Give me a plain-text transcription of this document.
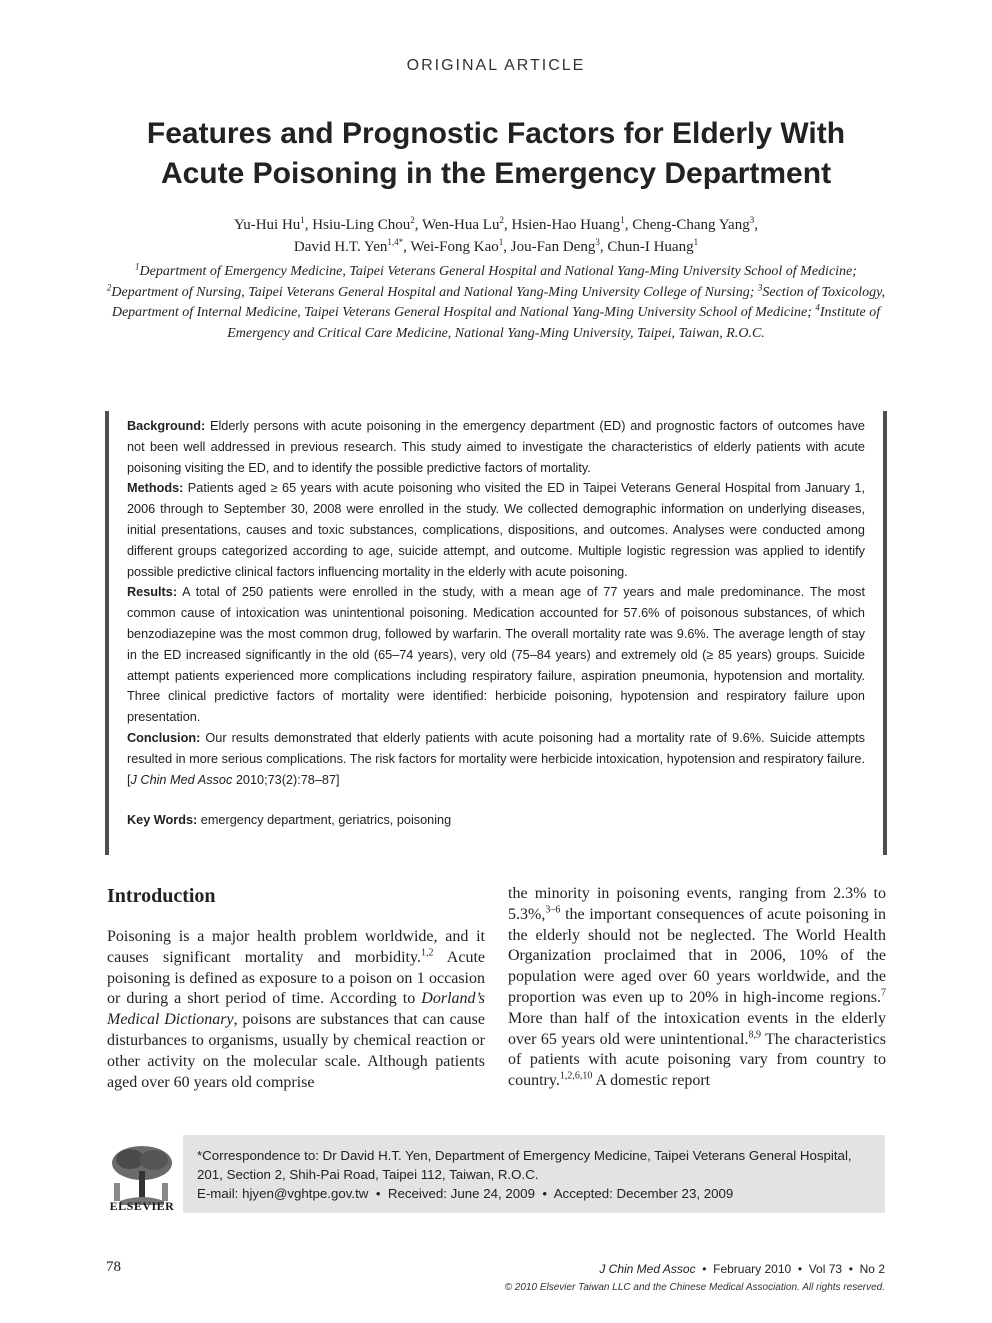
ORIGINAL ARTICLE
Features and Prognostic Factors for Elderly With
Acute Poisoning in the Emergency Department
Yu-Hui Hu$^1$, Hsiu-Ling Chou$^2$, Wen-Hua Lu$^2$, Hsien-Hao Huang$^1$, Cheng-Chang Yang$^3$,
David H.T. Yen$^{1,4*}$, Wei-Fong Kao$^1$, Jou-Fan Deng$^3$, Chun-I Huang$^1$
$^1$Department of Emergency Medicine, Taipei Veterans General Hospital and National Yang-Ming University School of Medicine; $^2$Department of Nursing, Taipei Veterans General Hospital and National Yang-Ming University College of Nursing; $^3$Section of Toxicology, Department of Internal Medicine, Taipei Veterans General Hospital and National Yang-Ming University School of Medicine; $^4$Institute of Emergency and Critical Care Medicine, National Yang-Ming University, Taipei, Taiwan, R.O.C.

Background: Elderly persons with acute poisoning in the emergency department (ED) and prognostic factors of outcomes have not been well addressed in previous research. This study aimed to investigate the characteristics of elderly patients with acute poisoning visiting the ED, and to identify the possible predictive factors of mortality.

Methods: Patients aged ≥ 65 years with acute poisoning who visited the ED in Taipei Veterans General Hospital from January 1, 2006 through to September 30, 2008 were enrolled in the study. We collected demographic information on underlying diseases, initial presentations, causes and toxic substances, complications, dispositions, and outcomes. Analyses were conducted among different groups categorized according to age, suicide attempt, and outcome. Multiple logistic regression was applied to identify possible predictive clinical factors influencing mortality in the elderly with acute poisoning.

Results: A total of 250 patients were enrolled in the study, with a mean age of 77 years and male predominance. The most common cause of intoxication was unintentional poisoning. Medication accounted for 57.6% of poisonous substances, of which benzodiazepine was the most common drug, followed by warfarin. The overall mortality rate was 9.6%. The average length of stay in the ED increased significantly in the old (65–74 years), very old (75–84 years) and extremely old (≥ 85 years) groups. Suicide attempt patients experienced more complications including respiratory failure, aspiration pneumonia, hypotension and mortality. Three clinical predictive factors of mortality were identified: herbicide poisoning, hypotension and respiratory failure upon presentation.

Conclusion: Our results demonstrated that elderly patients with acute poisoning had a mortality rate of 9.6%. Suicide attempts resulted in more serious complications. The risk factors for mortality were herbicide intoxication, hypotension and respiratory failure. [J Chin Med Assoc 2010;73(2):78–87]

Key Words: emergency department, geriatrics, poisoning

Introduction

Poisoning is a major health problem worldwide, and it causes significant mortality and morbidity.$^{1,2}$ Acute poisoning is defined as exposure to a poison on 1 occasion or during a short period of time. According to Dorland’s Medical Dictionary, poisons are substances that can cause disturbances to organisms, usually by chemical reaction or other activity on the molecular scale. Although patients aged over 60 years old comprise

the minority in poisoning events, ranging from 2.3% to 5.3%,$^{3-6}$ the important consequences of acute poisoning in the elderly should not be neglected. The World Health Organization proclaimed that in 2006, 10% of the population were aged over 60 years worldwide, and the proportion was even up to 20% in high-income regions.$^7$ More than half of the intoxication events in the elderly over 65 years old were unintentional.$^{8,9}$ The characteristics of patients with acute poisoning vary from country to country.$^{1,2,6,10}$ A domestic report

ELSEVIER

*Correspondence to: Dr David H.T. Yen, Department of Emergency Medicine, Taipei Veterans General Hospital, 201, Section 2, Shih-Pai Road, Taipei 112, Taiwan, R.O.C.

E-mail: hjyen@vghtpe.gov.tw • Received: June 24, 2009 • Accepted: December 23, 2009

78	J Chin Med Assoc • February 2010 • Vol 73 • No 2
© 2010 Elsevier Taiwan LLC and the Chinese Medical Association. All rights reserved.
